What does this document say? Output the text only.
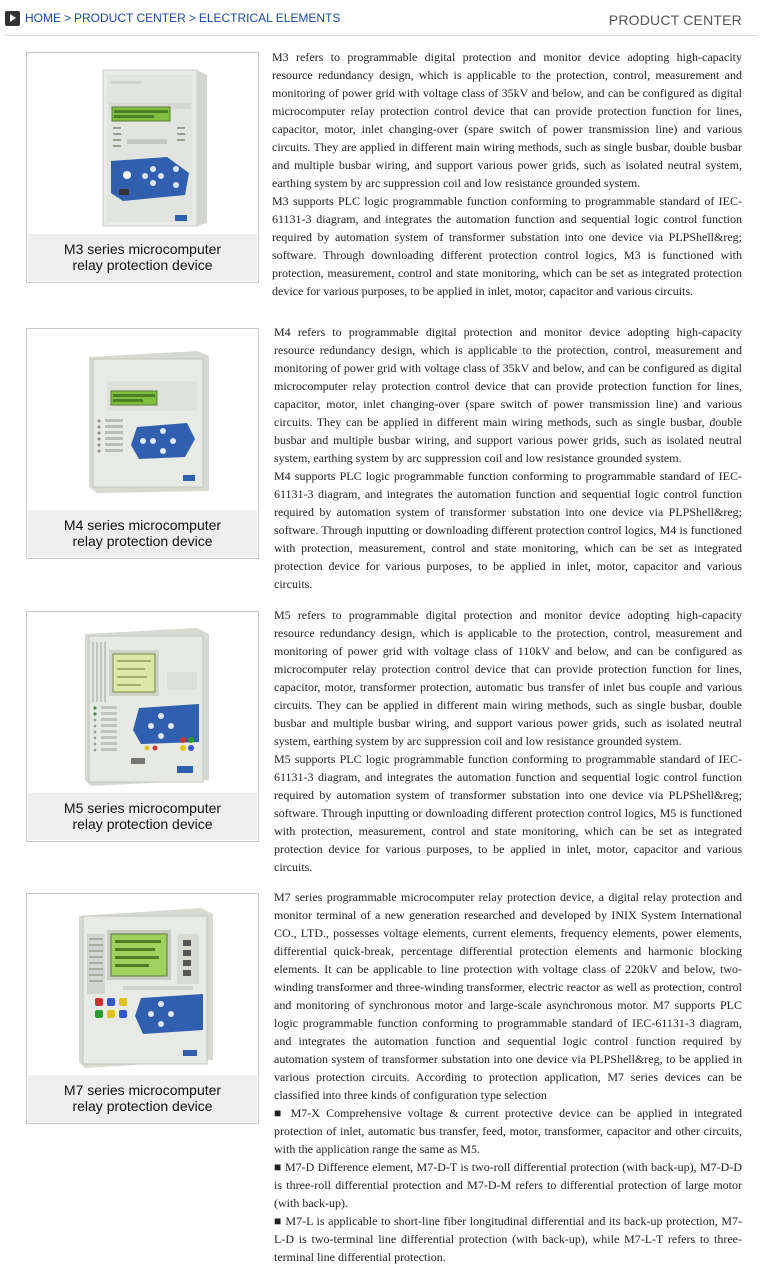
HOME > PRODUCT CENTER > ELECTRICAL ELEMENTS	PRODUCT CENTER
M3 series microcomputer
relay protection device

M3 refers to programmable digital protection and monitor device adopting high-capacity resource redundancy design, which is applicable to the protection, control, measurement and monitoring of power grid with voltage class of 35kV and below, and can be configured as digital microcomputer relay protection control device that can provide protection function for lines, capacitor, motor, inlet changing-over (spare switch of power transmission line) and various circuits. They are applied in different main wiring methods, such as single busbar, double busbar and multiple busbar wiring, and support various power grids, such as isolated neutral system, earthing system by arc suppression coil and low resistance grounded system.

M3 supports PLC logic programmable function conforming to programmable standard of IEC-61131-3 diagram, and integrates the automation function and sequential logic control function required by automation system of transformer substation into one device via PLPShell&reg; software. Through downloading different protection control logics, M3 is functioned with protection, measurement, control and state monitoring, which can be set as integrated protection device for various purposes, to be applied in inlet, motor, capacitor and various circuits.

M4 series microcomputer
relay protection device

M4 refers to programmable digital protection and monitor device adopting high-capacity resource redundancy design, which is applicable to the protection, control, measurement and monitoring of power grid with voltage class of 35kV and below, and can be configured as digital microcomputer relay protection control device that can provide protection function for lines, capacitor, motor, inlet changing-over (spare switch of power transmission line) and various circuits. They can be applied in different main wiring methods, such as single busbar, double busbar and multiple busbar wiring, and support various power grids, such as isolated neutral system, earthing system by arc suppression coil and low resistance grounded system.

M4 supports PLC logic programmable function conforming to programmable standard of IEC-61131-3 diagram, and integrates the automation function and sequential logic control function required by automation system of transformer substation into one device via PLPShell&reg; software. Through inputting or downloading different protection control logics, M4 is functioned with protection, measurement, control and state monitoring, which can be set as integrated protection device for various purposes, to be applied in inlet, motor, capacitor and various circuits.

M5 series microcomputer
relay protection device

M5 refers to programmable digital protection and monitor device adopting high-capacity resource redundancy design, which is applicable to the protection, control, measurement and monitoring of power grid with voltage class of 110kV and below, and can be configured as microcomputer relay protection control device that can provide protection function for lines, capacitor, motor, transformer protection, automatic bus transfer of inlet bus couple and various circuits. They can be applied in different main wiring methods, such as single busbar, double busbar and multiple busbar wiring, and support various power grids, such as isolated neutral system, earthing system by arc suppression coil and low resistance grounded system.

M5 supports PLC logic programmable function conforming to programmable standard of IEC-61131-3 diagram, and integrates the automation function and sequential logic control function required by automation system of transformer substation into one device via PLPShell&reg; software. Through inputting or downloading different protection control logics, M5 is functioned with protection, measurement, control and state monitoring, which can be set as integrated protection device for various purposes, to be applied in inlet, motor, capacitor and various circuits.

M7 series microcomputer
relay protection device

M7 series programmable microcomputer relay protection device, a digital relay protection and monitor terminal of a new generation researched and developed by INIX System International CO., LTD., possesses voltage elements, current elements, frequency elements, power elements, differential quick-break, percentage differential protection elements and harmonic blocking elements. It can be applicable to line protection with voltage class of 220kV and below, two-winding transformer and three-winding transformer, electric reactor as well as protection, control and monitoring of synchronous motor and large-scale asynchronous motor. M7 supports PLC logic programmable function conforming to programmable standard of IEC-61131-3 diagram, and integrates the automation function and sequential logic control function required by automation system of transformer substation into one device via PLPShell&reg, to be applied in various protection circuits. According to protection application, M7 series devices can be classified into three kinds of configuration type selection

■ M7-X Comprehensive voltage & current protective device can be applied in integrated protection of inlet, automatic bus transfer, feed, motor, transformer, capacitor and other circuits, with the application range the same as M5.

■ M7-D Difference element, M7-D-T is two-roll differential protection (with back-up), M7-D-D is three-roll differential protection and M7-D-M refers to differential protection of large motor (with back-up).

■ M7-L is applicable to short-line fiber longitudinal differential and its back-up protection, M7-L-D is two-terminal line differential protection (with back-up), while M7-L-T refers to three-terminal line differential protection.
